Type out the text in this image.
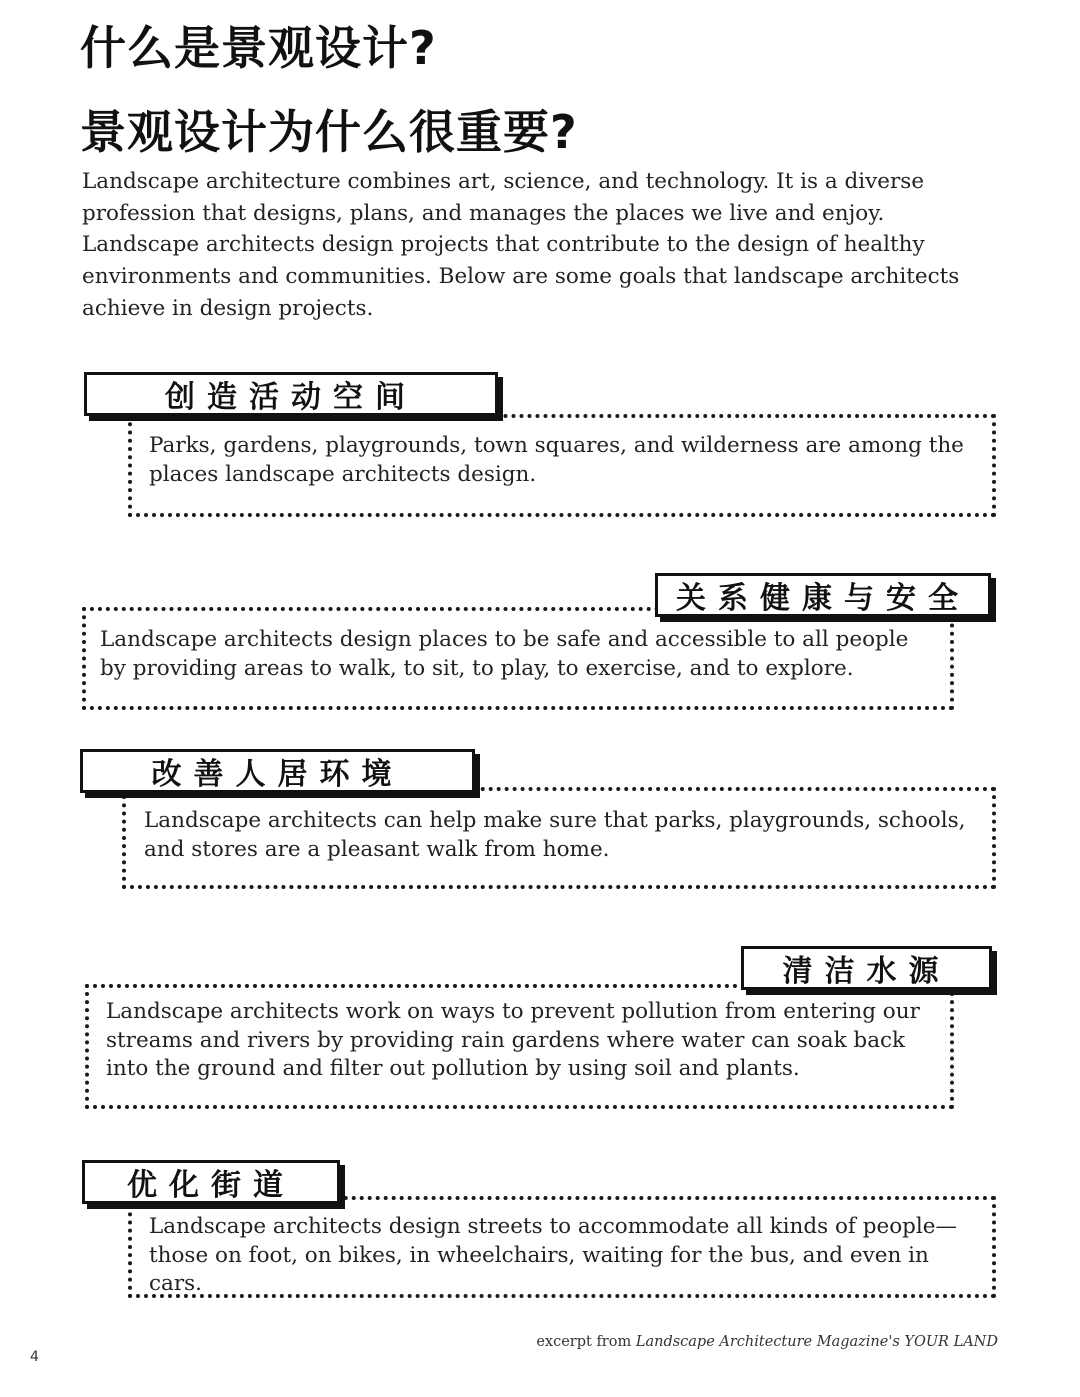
什么是景观设计?
景观设计为什么很重要?

Landscape architecture combines art, science, and technology. It is a diverse profession that designs, plans, and manages the places we live and enjoy. Landscape architects design projects that contribute to the design of healthy environments and communities. Below are some goals that landscape architects achieve in design projects.

Parks, gardens, playgrounds, town squares, and wilderness are among the places landscape architects design.

创造活动空间

Landscape architects design places to be safe and accessible to all people by providing areas to walk, to sit, to play, to exercise, and to explore.

关系健康与安全

Landscape architects can help make sure that parks, playgrounds, schools, and stores are a pleasant walk from home.

改善人居环境

Landscape architects work on ways to prevent pollution from entering our streams and rivers by providing rain gardens where water can soak back into the ground and filter out pollution by using soil and plants.

清洁水源

Landscape architects design streets to accommodate all kinds of people—those on foot, on bikes, in wheelchairs, waiting for the bus, and even in cars.

优化街道

excerpt from Landscape Architecture Magazine's YOUR LAND

4
